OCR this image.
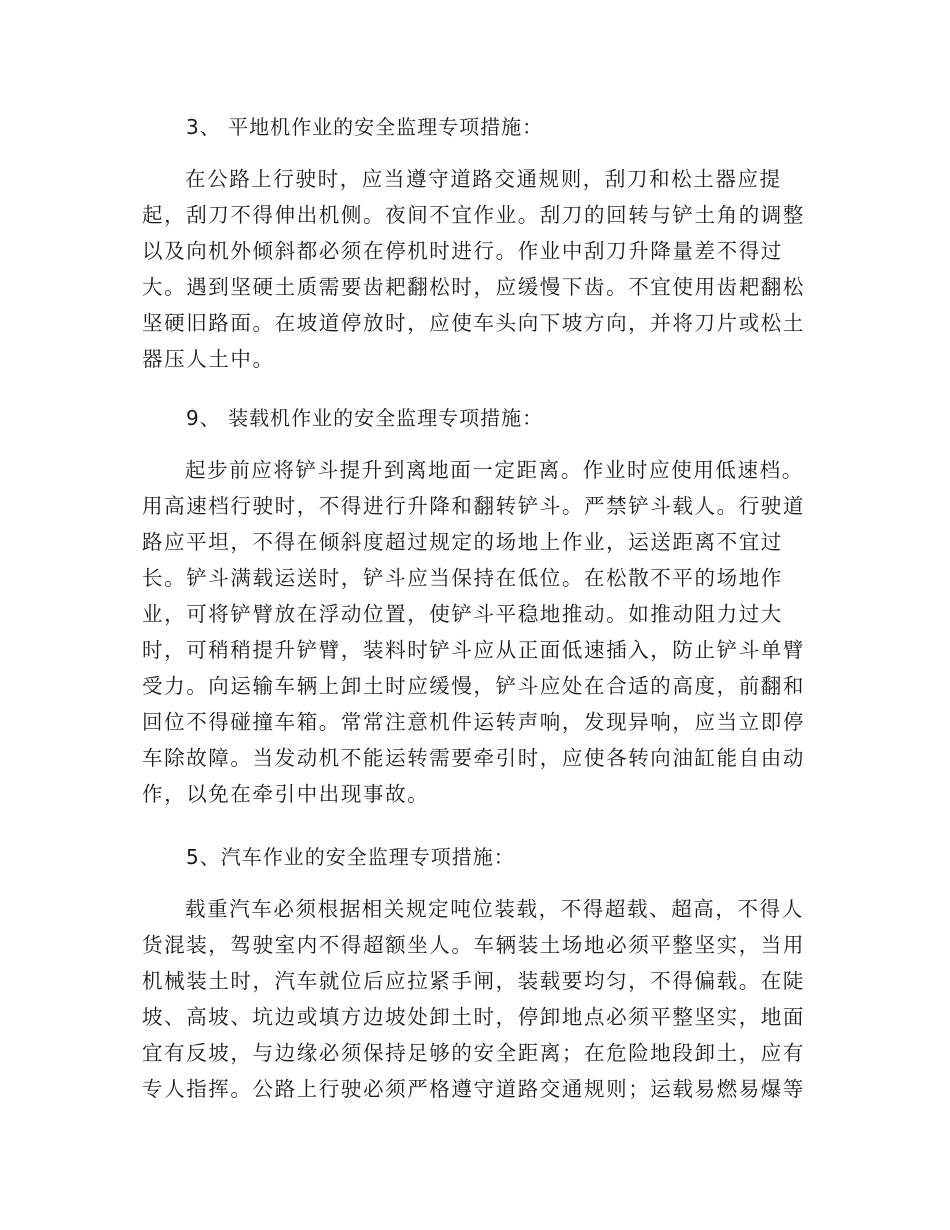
3、 平地机作业的安全监理专项措施：
在公路上行驶时，应当遵守道路交通规则，刮刀和松土器应提
起，刮刀不得伸出机侧。夜间不宜作业。刮刀的回转与铲土角的调整
以及向机外倾斜都必须在停机时进行。作业中刮刀升降量差不得过
大。遇到坚硬土质需要齿耙翻松时，应缓慢下齿。不宜使用齿耙翻松
坚硬旧路面。在坡道停放时，应使车头向下坡方向，并将刀片或松土
器压人土中。
9、 装载机作业的安全监理专项措施：
起步前应将铲斗提升到离地面一定距离。作业时应使用低速档。
用高速档行驶时，不得进行升降和翻转铲斗。严禁铲斗载人。行驶道
路应平坦，不得在倾斜度超过规定的场地上作业，运送距离不宜过
长。铲斗满载运送时，铲斗应当保持在低位。在松散不平的场地作
业，可将铲臂放在浮动位置，使铲斗平稳地推动。如推动阻力过大
时，可稍稍提升铲臂，装料时铲斗应从正面低速插入，防止铲斗单臂
受力。向运输车辆上卸土时应缓慢，铲斗应处在合适的高度，前翻和
回位不得碰撞车箱。常常注意机件运转声响，发现异响，应当立即停
车除故障。当发动机不能运转需要牵引时，应使各转向油缸能自由动
作，以免在牵引中出现事故。
5、汽车作业的安全监理专项措施：
载重汽车必须根据相关规定吨位装载，不得超载、超高，不得人
货混装，驾驶室内不得超额坐人。车辆装土场地必须平整坚实，当用
机械装土时，汽车就位后应拉紧手闸，装载要均匀，不得偏载。在陡
坡、高坡、坑边或填方边坡处卸土时，停卸地点必须平整坚实，地面
宜有反坡，与边缘必须保持足够的安全距离；在危险地段卸土，应有
专人指挥。公路上行驶必须严格遵守道路交通规则；运载易燃易爆等
